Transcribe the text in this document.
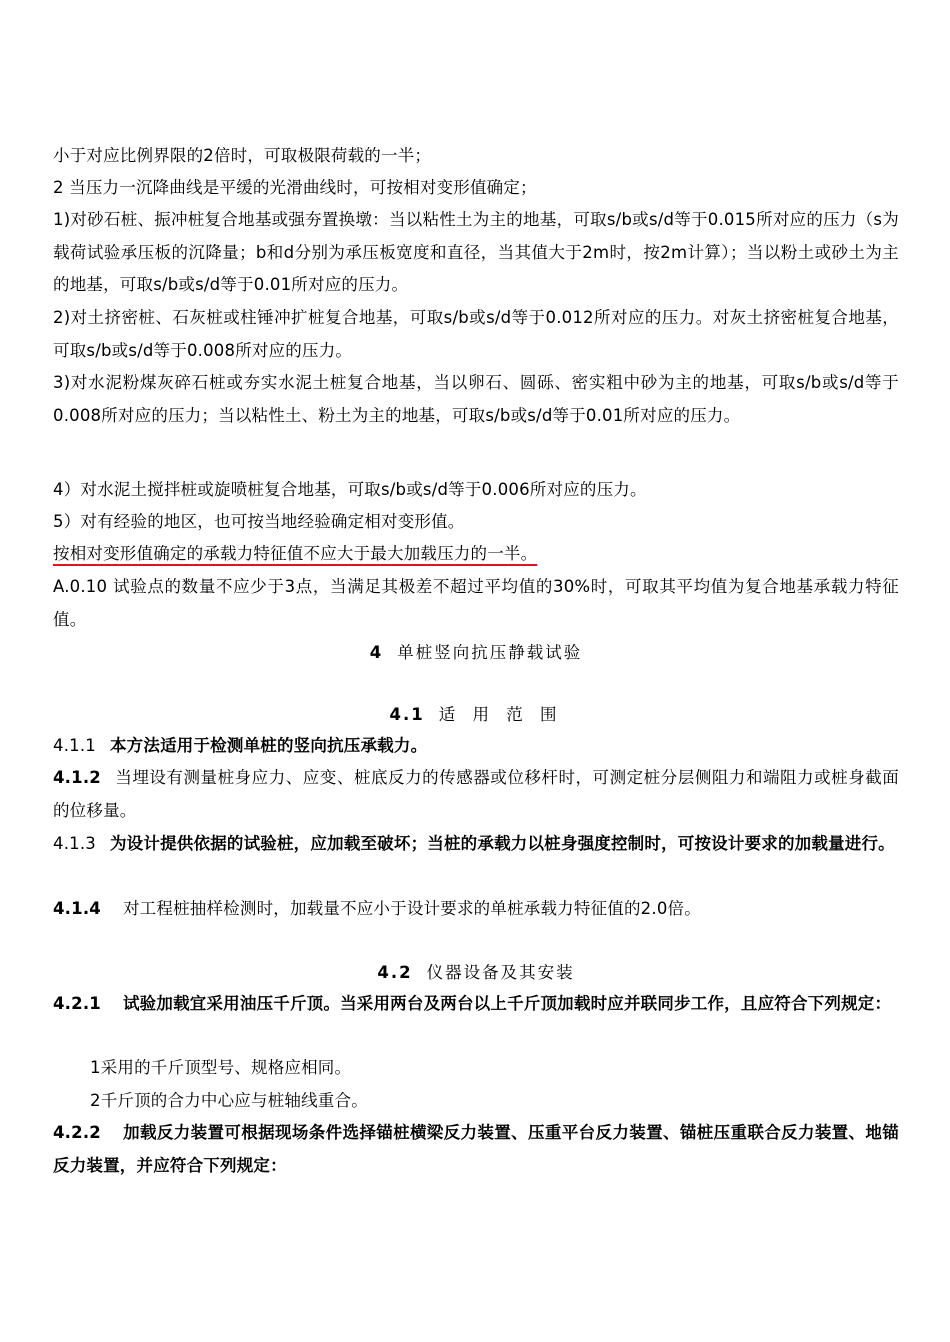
小于对应比例界限的2倍时，可取极限荷载的一半；
2 当压力一沉降曲线是平缓的光滑曲线时，可按相对变形值确定；
1)对砂石桩、振冲桩复合地基或强夯置换墩：当以粘性土为主的地基，可取s/b或s/d等于0.015所对应的压力（s为载荷试验承压板的沉降量；b和d分别为承压板宽度和直径，当其值大于2m时，按2m计算）；当以粉土或砂土为主的地基，可取s/b或s/d等于0.01所对应的压力。
2)对土挤密桩、石灰桩或柱锤冲扩桩复合地基，可取s/b或s/d等于0.012所对应的压力。对灰土挤密桩复合地基，可取s/b或s/d等于0.008所对应的压力。
3)对水泥粉煤灰碎石桩或夯实水泥土桩复合地基，当以卵石、圆砾、密实粗中砂为主的地基，可取s/b或s/d等于0.008所对应的压力；当以粘性土、粉土为主的地基，可取s/b或s/d等于0.01所对应的压力。
4）对水泥土搅拌桩或旋喷桩复合地基，可取s/b或s/d等于0.006所对应的压力。
5）对有经验的地区，也可按当地经验确定相对变形值。
按相对变形值确定的承载力特征值不应大于最大加载压力的一半。
A.0.10 试验点的数量不应少于3点，当满足其极差不超过平均值的30%时，可取其平均值为复合地基承载力特征值。
4 单桩竖向抗压静载试验
4.1 适 用 范 围
4.1.1 本方法适用于检测单桩的竖向抗压承载力。
4.1.2 当埋设有测量桩身应力、应变、桩底反力的传感器或位移杆时，可测定桩分层侧阻力和端阻力或桩身截面的位移量。
4.1.3 为设计提供依据的试验桩，应加载至破坏；当桩的承载力以桩身强度控制时，可按设计要求的加载量进行。
4.1.4 对工程桩抽样检测时，加载量不应小于设计要求的单桩承载力特征值的2.0倍。
4.2 仪器设备及其安装
4.2.1 试验加载宜采用油压千斤顶。当采用两台及两台以上千斤顶加载时应并联同步工作，且应符合下列规定：
1采用的千斤顶型号、规格应相同。
2千斤顶的合力中心应与桩轴线重合。
4.2.2 加载反力装置可根据现场条件选择锚桩横梁反力装置、压重平台反力装置、锚桩压重联合反力装置、地锚反力装置，并应符合下列规定：
